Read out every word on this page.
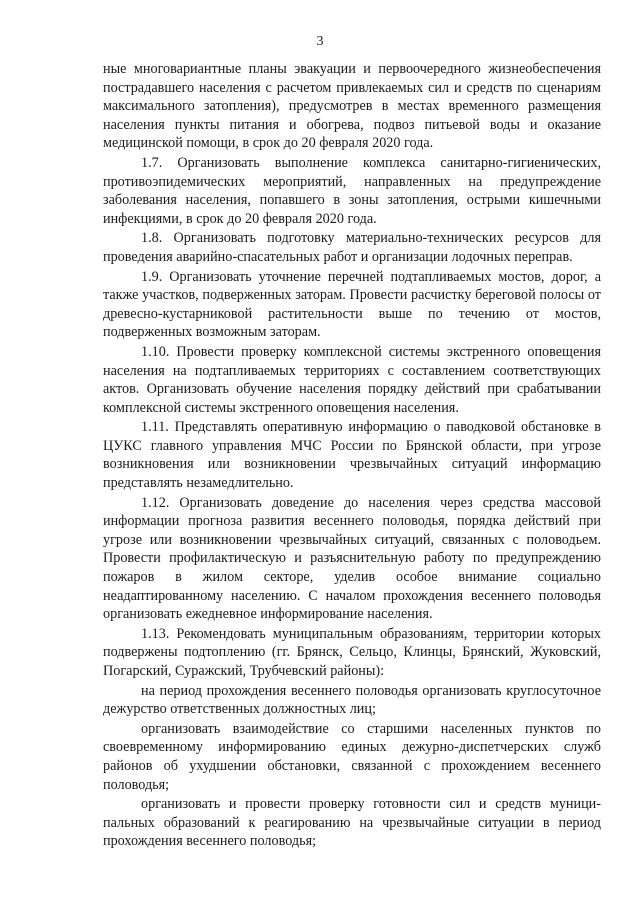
3

ные многовариантные планы эвакуации и первоочередного жизнеобеспечения пострадавшего населения с расчетом привлекаемых сил и средств по сценариям максимального затопления), предусмотрев в местах временного размещения населения пункты питания и обогрева, подвоз питьевой воды и оказание медицинской помощи, в срок до 20 февраля 2020 года.

1.7. Организовать выполнение комплекса санитарно-гигиенических, противоэпидемических мероприятий, направленных на предупреждение заболевания населения, попавшего в зоны затопления, острыми кишечными инфекциями, в срок до 20 февраля 2020 года.

1.8. Организовать подготовку материально-технических ресурсов для проведения аварийно-спасательных работ и организации лодочных переправ.

1.9. Организовать уточнение перечней подтапливаемых мостов, дорог, а также участков, подверженных заторам. Провести расчистку береговой полосы от древесно-кустарниковой растительности выше по течению от мостов, подверженных возможным заторам.

1.10. Провести проверку комплексной системы экстренного оповещения населения на подтапливаемых территориях с составлением соответствующих актов. Организовать обучение населения порядку действий при срабатывании комплексной системы экстренного оповещения населения.

1.11. Представлять оперативную информацию о паводковой обстановке в ЦУКС главного управления МЧС России по Брянской области, при угрозе возникновения или возникновении чрезвычайных ситуаций информацию представлять незамедлительно.

1.12. Организовать доведение до населения через средства массовой информации прогноза развития весеннего половодья, порядка действий при угрозе или возникновении чрезвычайных ситуаций, связанных с половодьем. Провести профилактическую и разъяснительную работу по предупреждению пожаров в жилом секторе, уделив особое внимание социально неадаптированному населению. С началом прохождения весеннего половодья организовать ежедневное информирование населения.

1.13. Рекомендовать муниципальным образованиям, территории которых подвержены подтоплению (гг. Брянск, Сельцо, Клинцы, Брянский, Жуковский, Погарский, Суражский, Трубчевский районы):

на период прохождения весеннего половодья организовать круглосуточное дежурство ответственных должностных лиц;

организовать взаимодействие со старшими населенных пунктов по своевременному информированию единых дежурно-диспетчерских служб районов об ухудшении обстановки, связанной с прохождением весеннего половодья;

организовать и провести проверку готовности сил и средств муниципальных образований к реагированию на чрезвычайные ситуации в период прохождения весеннего половодья;
